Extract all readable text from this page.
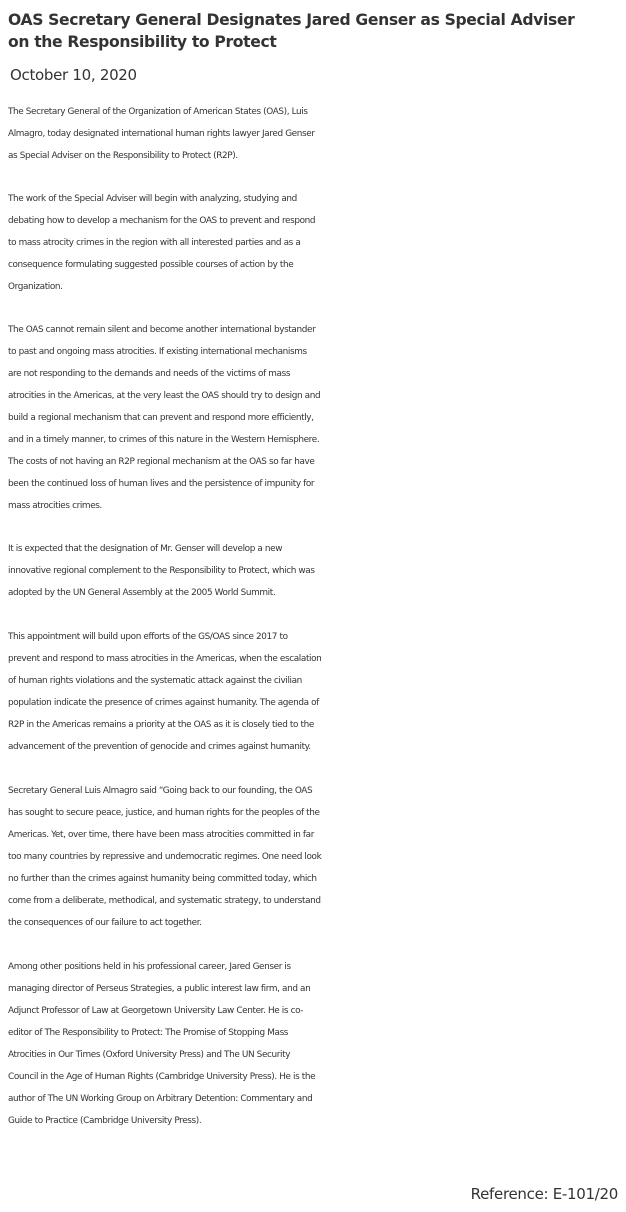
OAS Secretary General Designates Jared Genser as Special Adviser
on the Responsibility to Protect
October 10, 2020
The Secretary General of the Organization of American States (OAS), Luis
Almagro, today designated international human rights lawyer Jared Genser
as Special Adviser on the Responsibility to Protect (R2P).
The work of the Special Adviser will begin with analyzing, studying and
debating how to develop a mechanism for the OAS to prevent and respond
to mass atrocity crimes in the region with all interested parties and as a
consequence formulating suggested possible courses of action by the
Organization.
The OAS cannot remain silent and become another international bystander
to past and ongoing mass atrocities. If existing international mechanisms
are not responding to the demands and needs of the victims of mass
atrocities in the Americas, at the very least the OAS should try to design and
build a regional mechanism that can prevent and respond more efficiently,
and in a timely manner, to crimes of this nature in the Western Hemisphere.
The costs of not having an R2P regional mechanism at the OAS so far have
been the continued loss of human lives and the persistence of impunity for
mass atrocities crimes.
It is expected that the designation of Mr. Genser will develop a new
innovative regional complement to the Responsibility to Protect, which was
adopted by the UN General Assembly at the 2005 World Summit.
This appointment will build upon efforts of the GS/OAS since 2017 to
prevent and respond to mass atrocities in the Americas, when the escalation
of human rights violations and the systematic attack against the civilian
population indicate the presence of crimes against humanity. The agenda of
R2P in the Americas remains a priority at the OAS as it is closely tied to the
advancement of the prevention of genocide and crimes against humanity.
Secretary General Luis Almagro said “Going back to our founding, the OAS
has sought to secure peace, justice, and human rights for the peoples of the
Americas. Yet, over time, there have been mass atrocities committed in far
too many countries by repressive and undemocratic regimes. One need look
no further than the crimes against humanity being committed today, which
come from a deliberate, methodical, and systematic strategy, to understand
the consequences of our failure to act together.
Among other positions held in his professional career, Jared Genser is
managing director of Perseus Strategies, a public interest law firm, and an
Adjunct Professor of Law at Georgetown University Law Center. He is co-
editor of The Responsibility to Protect: The Promise of Stopping Mass
Atrocities in Our Times (Oxford University Press) and The UN Security
Council in the Age of Human Rights (Cambridge University Press). He is the
author of The UN Working Group on Arbitrary Detention: Commentary and
Guide to Practice (Cambridge University Press).
Reference: E-101/20
